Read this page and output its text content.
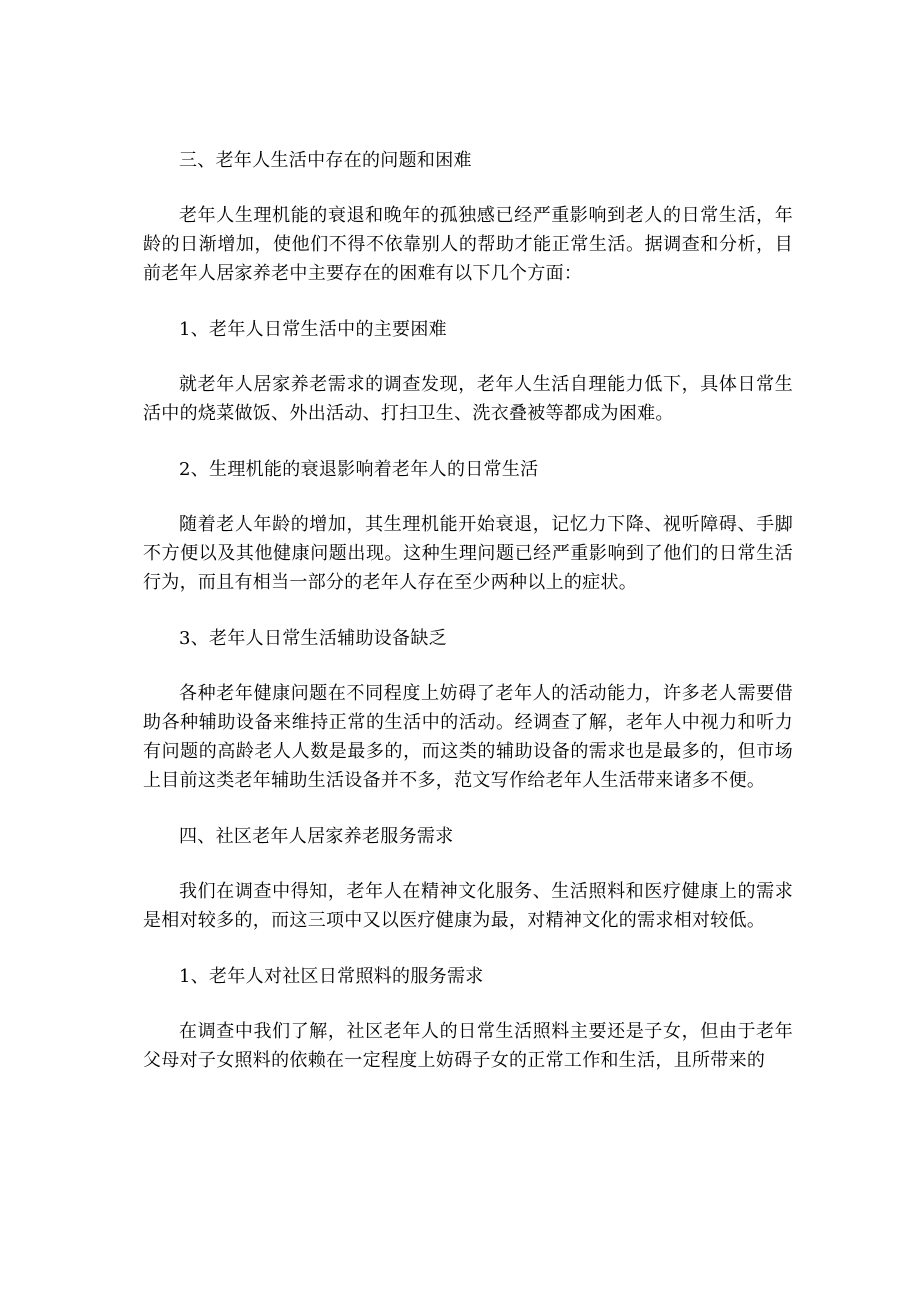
三、老年人生活中存在的问题和困难

老年人生理机能的衰退和晚年的孤独感已经严重影响到老人的日常生活，年龄的日渐增加，使他们不得不依靠别人的帮助才能正常生活。据调查和分析，目前老年人居家养老中主要存在的困难有以下几个方面：

1、老年人日常生活中的主要困难

就老年人居家养老需求的调查发现，老年人生活自理能力低下，具体日常生活中的烧菜做饭、外出活动、打扫卫生、洗衣叠被等都成为困难。

2、生理机能的衰退影响着老年人的日常生活

随着老人年龄的增加，其生理机能开始衰退，记忆力下降、视听障碍、手脚不方便以及其他健康问题出现。这种生理问题已经严重影响到了他们的日常生活行为，而且有相当一部分的老年人存在至少两种以上的症状。

3、老年人日常生活辅助设备缺乏

各种老年健康问题在不同程度上妨碍了老年人的活动能力，许多老人需要借助各种辅助设备来维持正常的生活中的活动。经调查了解，老年人中视力和听力有问题的高龄老人人数是最多的，而这类的辅助设备的需求也是最多的，但市场上目前这类老年辅助生活设备并不多，范文写作给老年人生活带来诸多不便。

四、社区老年人居家养老服务需求

我们在调查中得知，老年人在精神文化服务、生活照料和医疗健康上的需求是相对较多的，而这三项中又以医疗健康为最，对精神文化的需求相对较低。

1、老年人对社区日常照料的服务需求

在调查中我们了解，社区老年人的日常生活照料主要还是子女，但由于老年父母对子女照料的依赖在一定程度上妨碍子女的正常工作和生活，且所带来的
